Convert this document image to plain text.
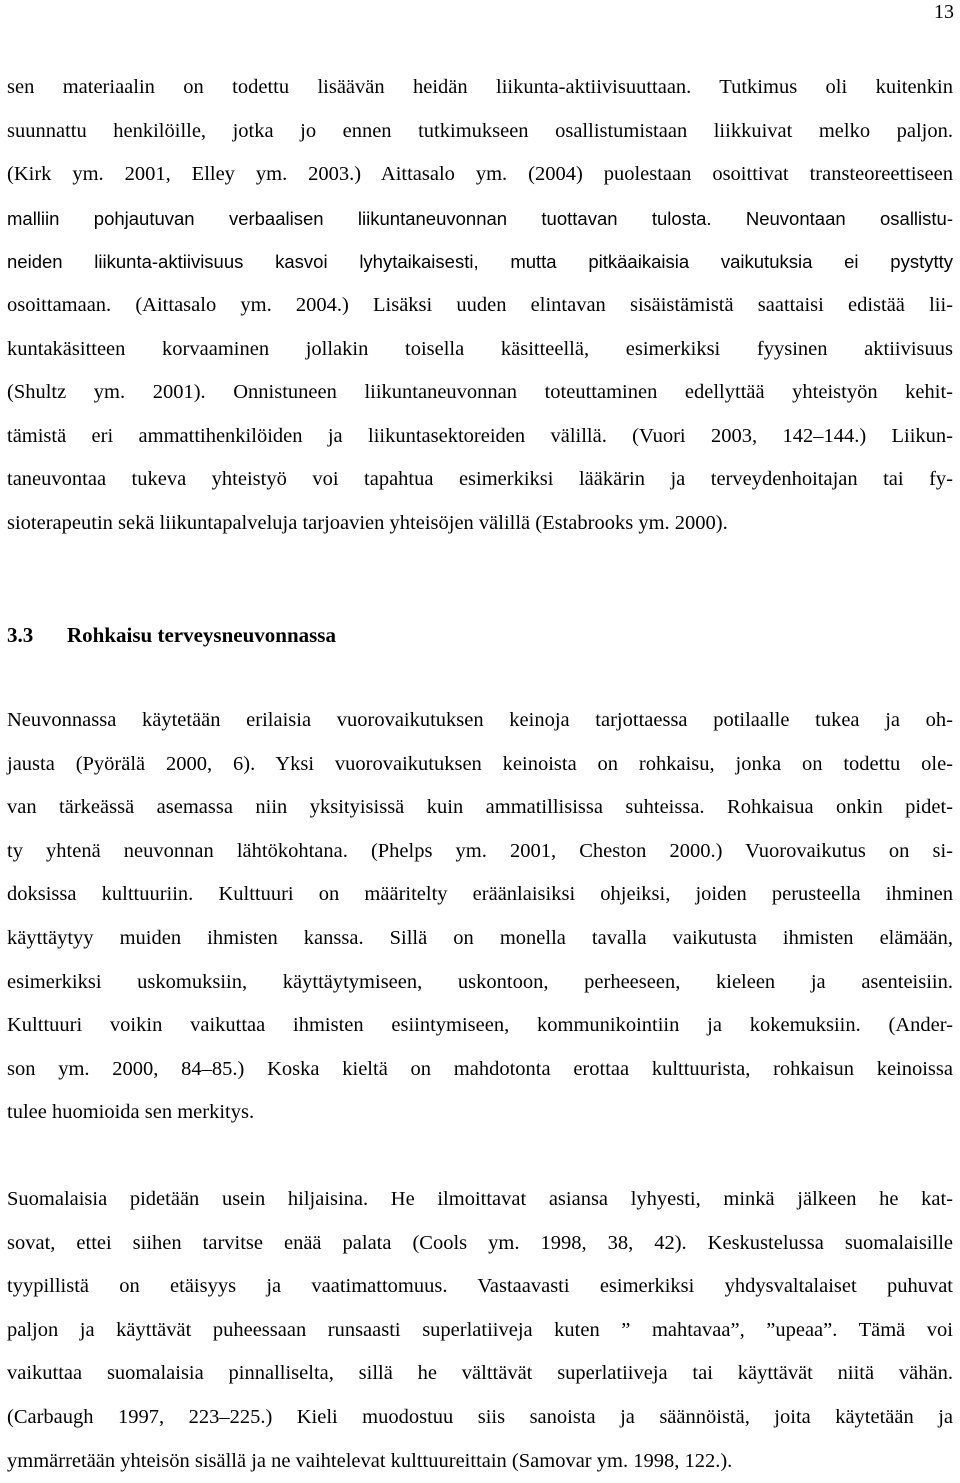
13
sen materiaalin on todettu lisäävän heidän liikunta-aktiivisuuttaan. Tutkimus oli kuitenkin
suunnattu henkilöille, jotka jo ennen tutkimukseen osallistumistaan liikkuivat melko paljon.
(Kirk ym. 2001, Elley ym. 2003.) Aittasalo ym. (2004) puolestaan osoittivat transteoreettiseen
malliin pohjautuvan verbaalisen liikuntaneuvonnan tuottavan tulosta. Neuvontaan osallistu-
neiden liikunta-aktiivisuus kasvoi lyhytaikaisesti, mutta pitkäaikaisia vaikutuksia ei pystytty
osoittamaan. (Aittasalo ym. 2004.) Lisäksi uuden elintavan sisäistämistä saattaisi edistää lii-
kuntakäsitteen korvaaminen jollakin toisella käsitteellä, esimerkiksi fyysinen aktiivisuus
(Shultz ym. 2001). Onnistuneen liikuntaneuvonnan toteuttaminen edellyttää yhteistyön kehit-
tämistä eri ammattihenkilöiden ja liikuntasektoreiden välillä. (Vuori 2003, 142–144.) Liikun-
taneuvontaa tukeva yhteistyö voi tapahtua esimerkiksi lääkärin ja terveydenhoitajan tai fy-
sioterapeutin sekä liikuntapalveluja tarjoavien yhteisöjen välillä (Estabrooks ym. 2000).
3.3 Rohkaisu terveysneuvonnassa
Neuvonnassa käytetään erilaisia vuorovaikutuksen keinoja tarjottaessa potilaalle tukea ja oh-
jausta (Pyörälä 2000, 6). Yksi vuorovaikutuksen keinoista on rohkaisu, jonka on todettu ole-
van tärkeässä asemassa niin yksityisissä kuin ammatillisissa suhteissa. Rohkaisua onkin pidet-
ty yhtenä neuvonnan lähtökohtana. (Phelps ym. 2001, Cheston 2000.) Vuorovaikutus on si-
doksissa kulttuuriin. Kulttuuri on määritelty eräänlaisiksi ohjeiksi, joiden perusteella ihminen
käyttäytyy muiden ihmisten kanssa. Sillä on monella tavalla vaikutusta ihmisten elämään,
esimerkiksi uskomuksiin, käyttäytymiseen, uskontoon, perheeseen, kieleen ja asenteisiin.
Kulttuuri voikin vaikuttaa ihmisten esiintymiseen, kommunikointiin ja kokemuksiin. (Ander-
son ym. 2000, 84–85.) Koska kieltä on mahdotonta erottaa kulttuurista, rohkaisun keinoissa
tulee huomioida sen merkitys.
Suomalaisia pidetään usein hiljaisina. He ilmoittavat asiansa lyhyesti, minkä jälkeen he kat-
sovat, ettei siihen tarvitse enää palata (Cools ym. 1998, 38, 42). Keskustelussa suomalaisille
tyypillistä on etäisyys ja vaatimattomuus. Vastaavasti esimerkiksi yhdysvaltalaiset puhuvat
paljon ja käyttävät puheessaan runsaasti superlatiiveja kuten ” mahtavaa”, ”upeaa”. Tämä voi
vaikuttaa suomalaisia pinnalliselta, sillä he välttävät superlatiiveja tai käyttävät niitä vähän.
(Carbaugh 1997, 223–225.) Kieli muodostuu siis sanoista ja säännöistä, joita käytetään ja
ymmärretään yhteisön sisällä ja ne vaihtelevat kulttuureittain (Samovar ym. 1998, 122.).
